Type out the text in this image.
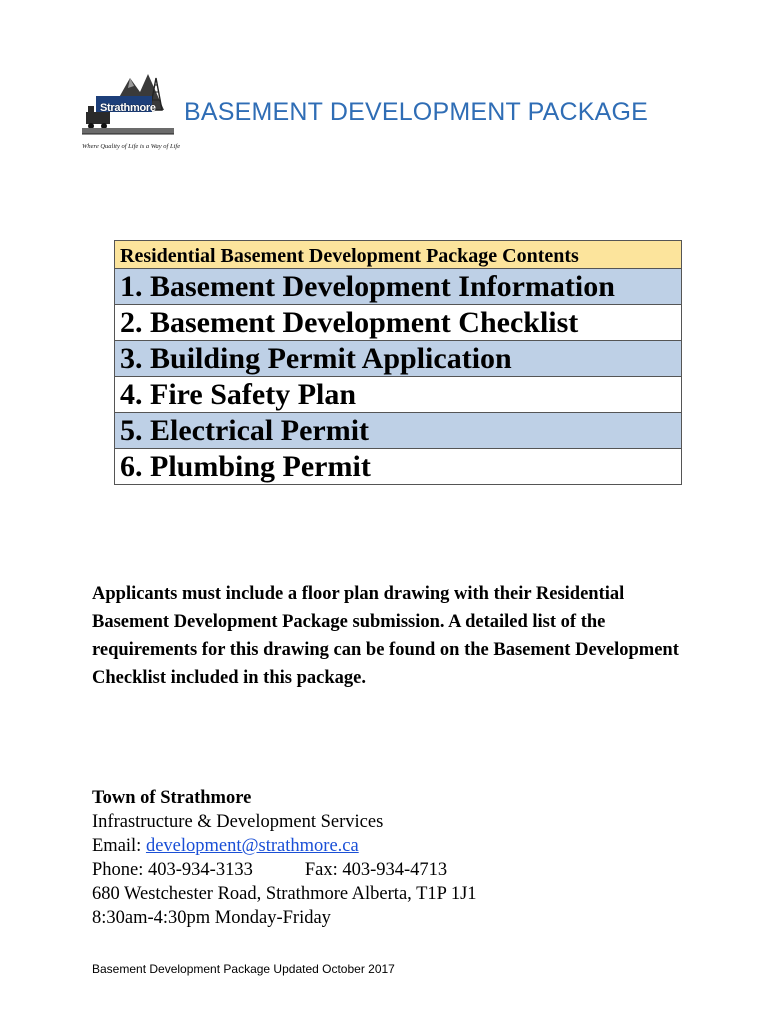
Strathmore
Where Quality of Life is a Way of Life
BASEMENT DEVELOPMENT PACKAGE
Residential Basement Development Package Contents
1. Basement Development Information
2. Basement Development Checklist
3. Building Permit Application
4. Fire Safety Plan
5. Electrical Permit
6. Plumbing Permit
Applicants must include a floor plan drawing with their Residential Basement Development Package submission. A detailed list of the requirements for this drawing can be found on the Basement Development Checklist included in this package.
Town of Strathmore
Infrastructure & Development Services
Email: development@strathmore.ca
Phone: 403-934-3133	Fax: 403-934-4713
680 Westchester Road, Strathmore Alberta, T1P 1J1
8:30am-4:30pm Monday-Friday
Basement Development Package Updated October 2017
